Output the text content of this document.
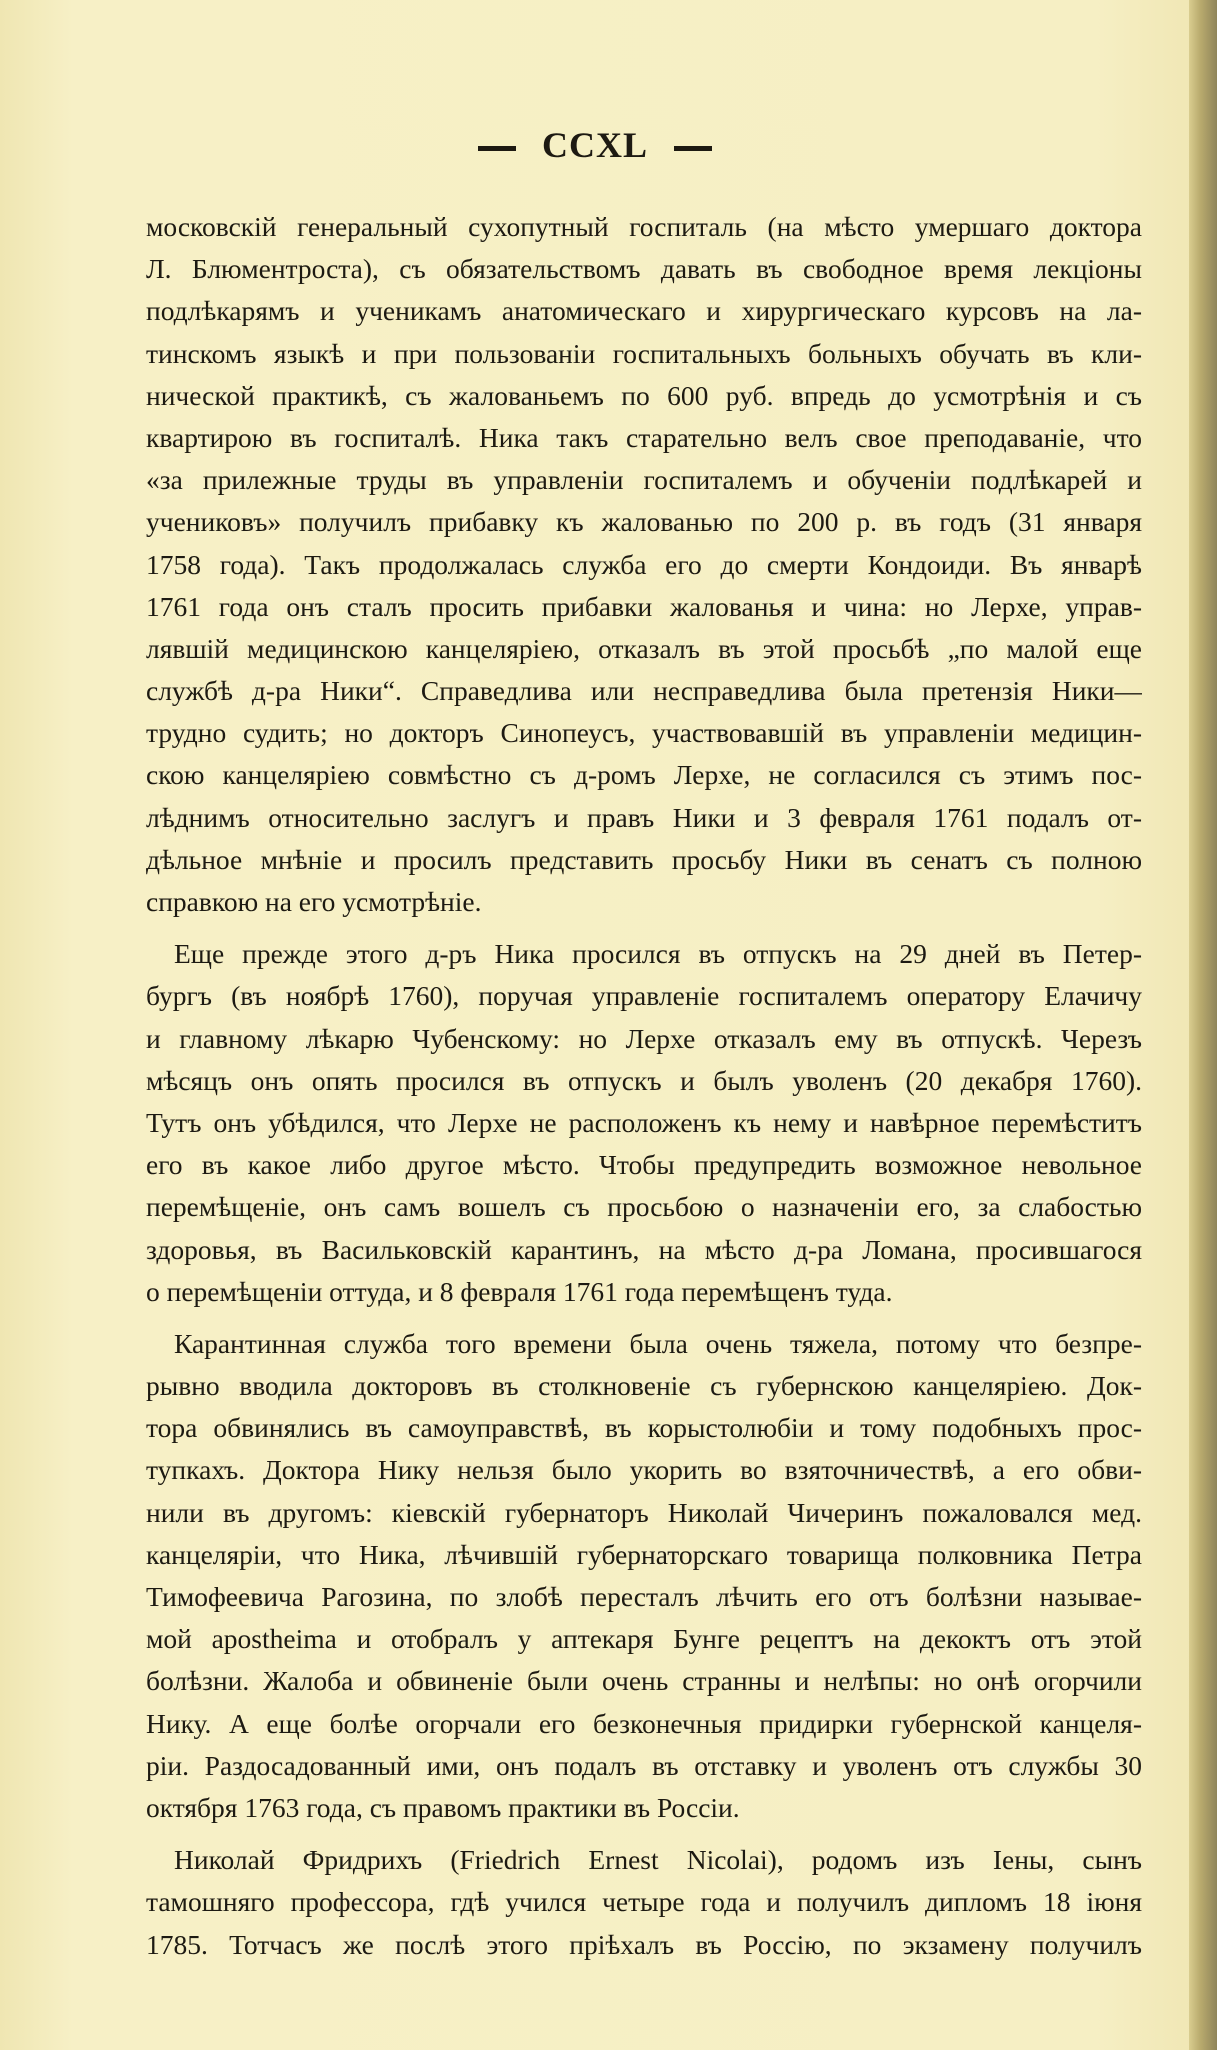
CCXL
московскій генеральный сухопутный госпиталь (на мѣсто умершаго доктора
Л. Блюментроста), съ обязательствомъ давать въ свободное время лекціоны
подлѣкарямъ и ученикамъ анатомическаго и хирургическаго курсовъ на ла-
тинскомъ языкѣ и при пользованіи госпитальныхъ больныхъ обучать въ кли-
нической практикѣ, съ жалованьемъ по 600 руб. впредь до усмотрѣнія и съ
квартирою въ госпиталѣ. Ника такъ старательно велъ свое преподаваніе, что
«за прилежные труды въ управленіи госпиталемъ и обученіи подлѣкарей и
учениковъ» получилъ прибавку къ жалованью по 200 р. въ годъ (31 января
1758 года). Такъ продолжалась служба его до смерти Кондоиди. Въ январѣ
1761 года онъ сталъ просить прибавки жалованья и чина: но Лерхе, управ-
лявшій медицинскою канцеляріею, отказалъ въ этой просьбѣ „по малой еще
службѣ д-ра Ники“. Справедлива или несправедлива была претензія Ники—
трудно судить; но докторъ Синопеусъ, участвовавшій въ управленіи медицин-
скою канцеляріею совмѣстно съ д-ромъ Лерхе, не согласился съ этимъ пос-
лѣднимъ относительно заслугъ и правъ Ники и 3 февраля 1761 подалъ от-
дѣльное мнѣніе и просилъ представить просьбу Ники въ сенатъ съ полною
справкою на его усмотрѣніе.
Еще прежде этого д-ръ Ника просился въ отпускъ на 29 дней въ Петер-
бургъ (въ ноябрѣ 1760), поручая управленіе госпиталемъ оператору Елачичу
и главному лѣкарю Чубенскому: но Лерхе отказалъ ему въ отпускѣ. Черезъ
мѣсяцъ онъ опять просился въ отпускъ и былъ уволенъ (20 декабря 1760).
Тутъ онъ убѣдился, что Лерхе не расположенъ къ нему и навѣрное перемѣститъ
его въ какое либо другое мѣсто. Чтобы предупредить возможное невольное
перемѣщеніе, онъ самъ вошелъ съ просьбою о назначеніи его, за слабостью
здоровья, въ Васильковскій карантинъ, на мѣсто д-ра Ломана, просившагося
о перемѣщеніи оттуда, и 8 февраля 1761 года перемѣщенъ туда.
Карантинная служба того времени была очень тяжела, потому что безпре-
рывно вводила докторовъ въ столкновеніе съ губернскою канцеляріею. Док-
тора обвинялись въ самоуправствѣ, въ корыстолюбіи и тому подобныхъ прос-
тупкахъ. Доктора Нику нельзя было укорить во взяточничествѣ, а его обви-
нили въ другомъ: кіевскій губернаторъ Николай Чичеринъ пожаловался мед.
канцеляріи, что Ника, лѣчившій губернаторскаго товарища полковника Петра
Тимофеевича Рагозина, по злобѣ пересталъ лѣчить его отъ болѣзни называе-
мой apostheima и отобралъ у аптекаря Бунге рецептъ на декоктъ отъ этой
болѣзни. Жалоба и обвиненіе были очень странны и нелѣпы: но онѣ огорчили
Нику. А еще болѣе огорчали его безконечныя придирки губернской канцеля-
ріи. Раздосадованный ими, онъ подалъ въ отставку и уволенъ отъ службы 30
октября 1763 года, съ правомъ практики въ Россіи.
Николай Фридрихъ (Friedrich Ernest Nicolai), родомъ изъ Іены, сынъ
тамошняго профессора, гдѣ учился четыре года и получилъ дипломъ 18 іюня
1785. Тотчасъ же послѣ этого пріѣхалъ въ Россію, по экзамену получилъ
